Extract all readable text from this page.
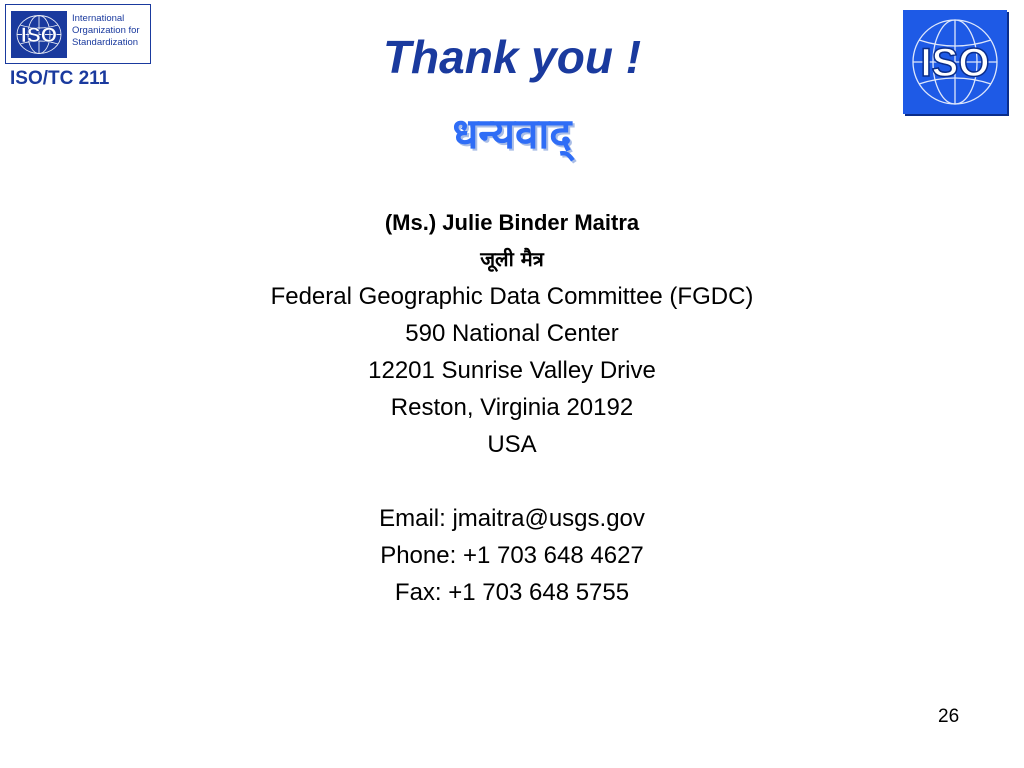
ISO
International
Organization for
Standardization
ISO/TC 211	ISO
Thank you !
धन्यवाद्
(Ms.) Julie Binder Maitra
जूली मैत्र
Federal Geographic Data Committee (FGDC)
590 National Center
12201 Sunrise Valley Drive
Reston, Virginia 20192
USA
Email: jmaitra@usgs.gov
Phone: +1 703 648 4627
Fax: +1 703 648 5755
26
